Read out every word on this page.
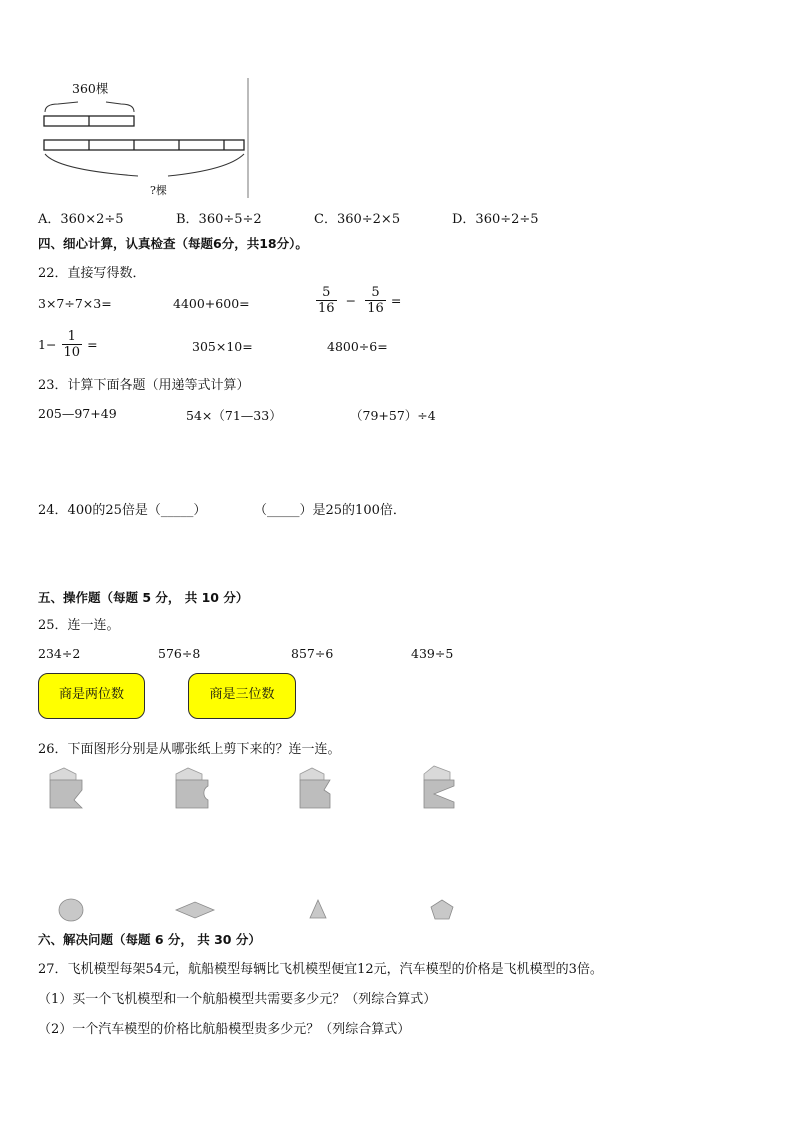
360棵
?棵
A．360×2÷5	B．360÷5÷2	C．360÷2×5	D．360÷2÷5
四、细心计算，认真检查（每题6分，共18分）。
22．直接写得数．
3×7÷7×3=	4400+600=	$\frac{5}{16} - \frac{5}{16}$ =
$1- \frac{1}{10}$ =	305×10=	4800÷6=
23．计算下面各题（用递等式计算）
205—97+49	54×（71—33）	（79+57）÷4
24．400的25倍是（_____）	（_____）是25的100倍．
五、操作题（每题 5 分， 共 10 分）
25．连一连。
234÷2	576÷8	857÷6	439÷5
商是两位数	商是三位数
26．下面图形分别是从哪张纸上剪下来的？连一连。
六、解决问题（每题 6 分， 共 30 分）
27．飞机模型每架54元，航船模型每辆比飞机模型便宜12元，汽车模型的价格是飞机模型的3倍。
（1）买一个飞机模型和一个航船模型共需要多少元？（列综合算式）
（2）一个汽车模型的价格比航船模型贵多少元？（列综合算式）
